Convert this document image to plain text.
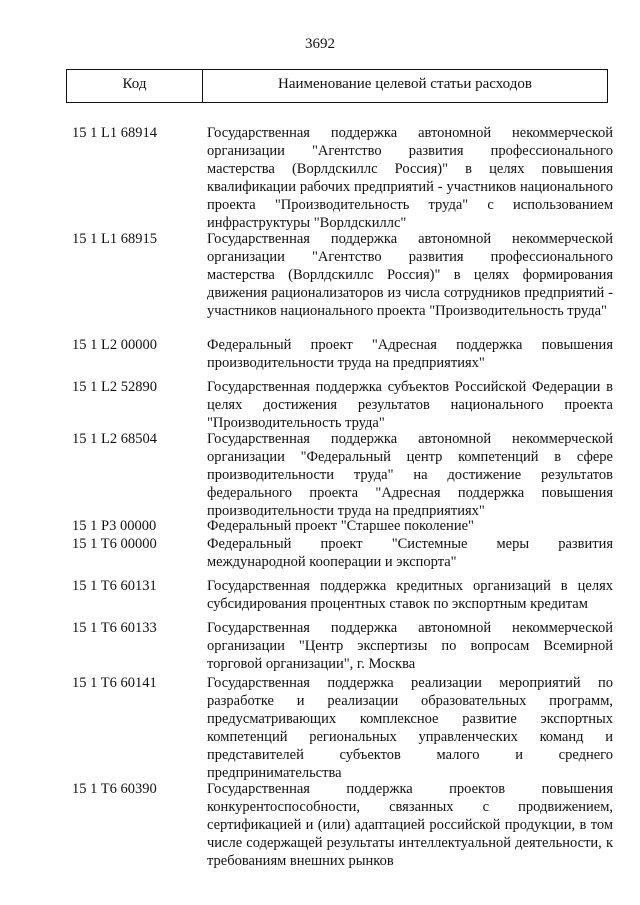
3692
Код	Наименование целевой статьи расходов
15 1 L1 68914	Государственная поддержка автономной некоммерческой организации "Агентство развития профессионального мастерства (Ворлдскиллс Россия)" в целях повышения квалификации рабочих предприятий - участников национального проекта "Производительность труда" с использованием инфраструктуры "Ворлдскиллс"
15 1 L1 68915	Государственная поддержка автономной некоммерческой организации "Агентство развития профессионального мастерства (Ворлдскиллс Россия)" в целях формирования движения рационализаторов из числа сотрудников предприятий - участников национального проекта "Производительность труда"
15 1 L2 00000	Федеральный проект "Адресная поддержка повышения производительности труда на предприятиях"
15 1 L2 52890	Государственная поддержка субъектов Российской Федерации в целях достижения результатов национального проекта "Производительность труда"
15 1 L2 68504	Государственная поддержка автономной некоммерческой организации "Федеральный центр компетенций в сфере производительности труда" на достижение результатов федерального проекта "Адресная поддержка повышения производительности труда на предприятиях"
15 1 P3 00000	Федеральный проект "Старшее поколение"
15 1 T6 00000	Федеральный проект "Системные меры развития международной кооперации и экспорта"
15 1 T6 60131	Государственная поддержка кредитных организаций в целях субсидирования процентных ставок по экспортным кредитам
15 1 T6 60133	Государственная поддержка автономной некоммерческой организации "Центр экспертизы по вопросам Всемирной торговой организации", г. Москва
15 1 T6 60141	Государственная поддержка реализации мероприятий по разработке и реализации образовательных программ, предусматривающих комплексное развитие экспортных компетенций региональных управленческих команд и представителей субъектов малого и среднего предпринимательства
15 1 T6 60390	Государственная поддержка проектов повышения конкурентоспособности, связанных с продвижением, сертификацией и (или) адаптацией российской продукции, в том числе содержащей результаты интеллектуальной деятельности, к требованиям внешних рынков
